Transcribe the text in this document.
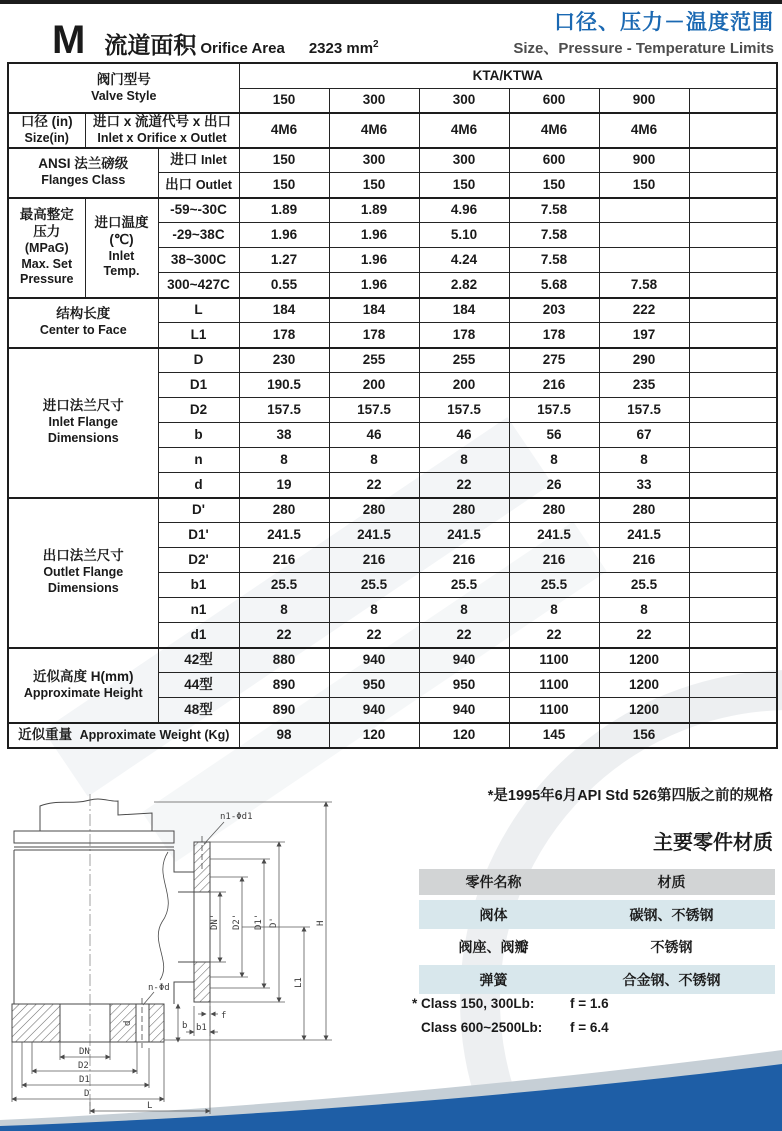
M 流道面积 Orifice Area 2323 $mm^2$
口径、压力－温度范围
Size、Pressure - Temperature Limits
阀门型号
Valve Style			KTA/KTWA					
			150	300	300	600	900	

口径 (in)
Size(in)

进口 x 流道代号 x 出口
Inlet x Orifice x Outlet
	4M6	4M6	4M6	4M6	4M6	

ANSI 法兰磅级
Flanges Class		进口 Inlet	150	300	300	600	900	
		出口 Outlet	150	150	150	150	150	

最高整定
压力
(MPaG)
Max. Set
Pressure

进口温度
(℃)
Inlet
Temp.
	-59~-30C	1.89	1.89	4.96	7.58		
		-29~38C	1.96	1.96	5.10	7.58		
		38~300C	1.27	1.96	4.24	7.58		
		300~427C	0.55	1.96	2.82	5.68	7.58	

结构长度
Center to Face		L	184	184	184	203	222	
		L1	178	178	178	178	197	

进口法兰尺寸
Inlet Flange
Dimensions		D	230	255	255	275	290	
		D1	190.5	200	200	216	235	
		D2	157.5	157.5	157.5	157.5	157.5	
		b	38	46	46	56	67	
		n	8	8	8	8	8	
		d	19	22	22	26	33	

出口法兰尺寸
Outlet Flange
Dimensions		D'	280	280	280	280	280	
		D1'	241.5	241.5	241.5	241.5	241.5	
		D2'	216	216	216	216	216	
		b1	25.5	25.5	25.5	25.5	25.5	
		n1	8	8	8	8	8	
		d1	22	22	22	22	22	

近似高度 H(mm)
Approximate Height		42型	880	940	940	1100	1200	
		44型	890	950	950	1100	1200	
		48型	890	940	940	1100	1200	
近似重量 Approximate Weight (Kg)			98	120	120	145	156	
*是1995年6月API Std 526第四版之前的规格
n1-Φd1
DN' D2' D1' D'
L1
H
f
b1
b
n-Φd
d
DN
D2
D1
D
L
主要零件材质
零件名称	材质
阀体	碳钢、不锈钢
阀座、阀瓣	不锈钢
弹簧	合金钢、不锈钢
* Class 150, 300Lb:	f = 1.6
Class 600~2500Lb:	f = 6.4
